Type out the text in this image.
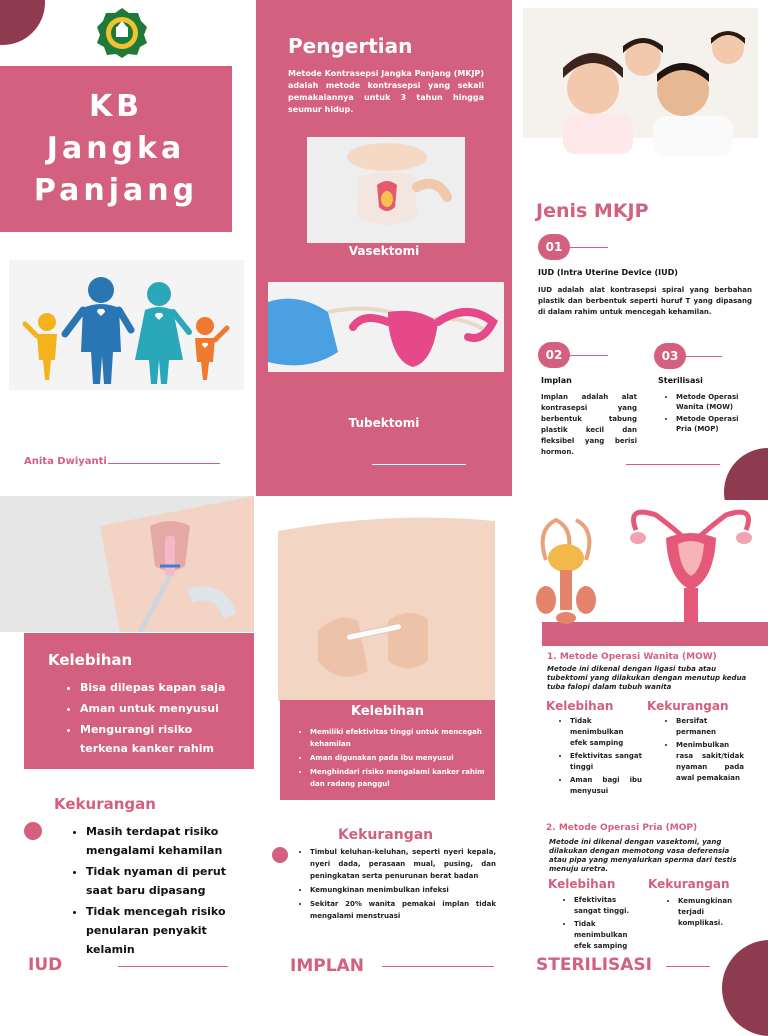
KB
Jangka
Panjang
Anita Dwiyanti
Pengertian
Metode Kontrasepsi Jangka Panjang (MKJP) adalah metode kontrasepsi yang sekali pemakaiannya untuk 3 tahun hingga seumur hidup.
Vasektomi
Tubektomi
Jenis MKJP
01
IUD (Intra Uterine Device (IUD)
IUD adalah alat kontrasepsi spiral yang berbahan plastik dan berbentuk seperti huruf T yang dipasang di dalam rahim untuk mencegah kehamilan.
02
Implan
Implan adalah alat kontrasepsi yang berbentuk tabung plastik kecil dan fleksibel yang berisi hormon.
03
Sterilisasi
• Metode Operasi Wanita (MOW)
• Metode Operasi Pria (MOP)
Kelebihan
• Bisa dilepas kapan saja
• Aman untuk menyusui
• Mengurangi risiko terkena kanker rahim
Kekurangan
• Masih terdapat risiko mengalami kehamilan
• Tidak nyaman di perut saat baru dipasang
• Tidak mencegah risiko penularan penyakit kelamin
IUD
Kelebihan
• Memiliki efektivitas tinggi untuk mencegah kehamilan
• Aman digunakan pada ibu menyusui
• Menghindari risiko mengalami kanker rahim dan radang panggul
Kekurangan
• Timbul keluhan-keluhan, seperti nyeri kepala, nyeri dada, perasaan mual, pusing, dan peningkatan serta penurunan berat badan
• Kemungkinan menimbulkan infeksi
• Sekitar 20% wanita pemakai implan tidak mengalami menstruasi
IMPLAN
1. Metode Operasi Wanita (MOW)
Metode ini dikenal dengan ligasi tuba atau tubektomi yang dilakukan dengan menutup kedua tuba falopi dalam tubuh wanita
Kelebihan
• Tidak menimbulkan efek samping
• Efektivitas sangat tinggi
• Aman bagi ibu menyusui
Kekurangan
• Bersifat permanen
• Menimbulkan rasa sakit/tidak nyaman pada awal pemakaian
2. Metode Operasi Pria (MOP)
Metode ini dikenal dengan vasektomi, yang dilakukan dengan memotong vasa deferensia atau pipa yang menyalurkan sperma dari testis menuju uretra.
Kelebihan
• Efektivitas sangat tinggi.
• Tidak menimbulkan efek samping
Kekurangan
• Kemungkinan terjadi komplikasi.
STERILISASI
